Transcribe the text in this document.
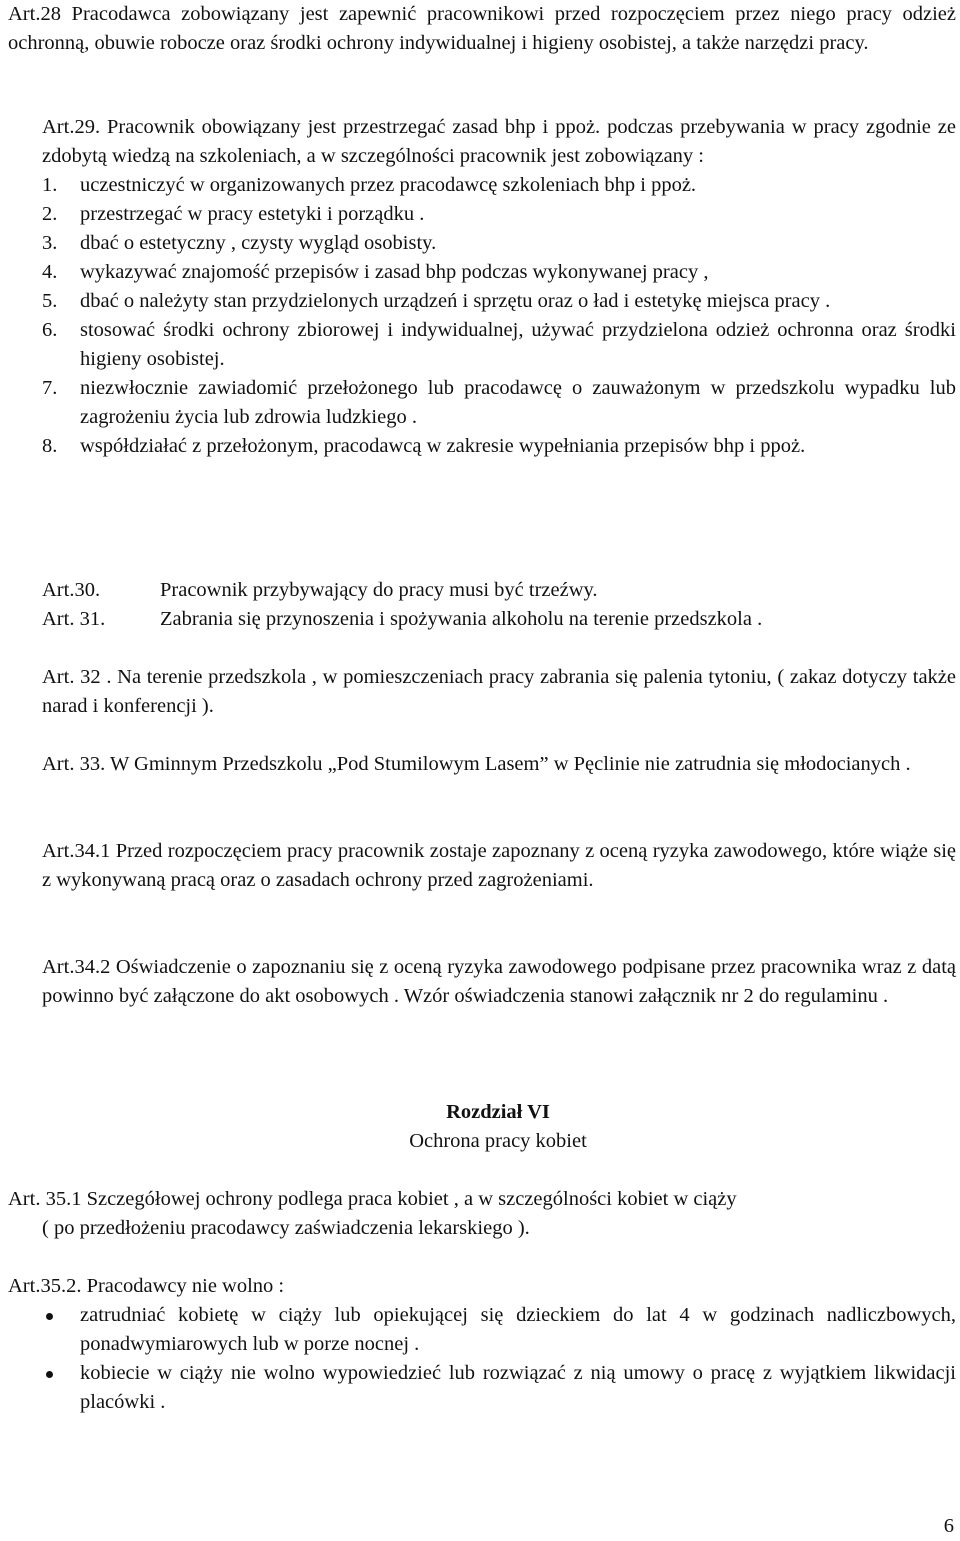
Art.28 Pracodawca zobowiązany jest zapewnić pracownikowi przed rozpoczęciem przez niego pracy odzież ochronną, obuwie robocze oraz środki ochrony indywidualnej i higieny osobistej, a także narzędzi pracy.

Art.29. Pracownik obowiązany jest przestrzegać zasad bhp i ppoż. podczas przebywania w pracy zgodnie ze zdobytą wiedzą na szkoleniach, a w szczególności pracownik jest zobowiązany :

1. uczestniczyć w organizowanych przez pracodawcę szkoleniach bhp i ppoż.
2. przestrzegać w pracy estetyki i porządku .
3. dbać o estetyczny , czysty wygląd osobisty.
4. wykazywać znajomość przepisów i zasad bhp podczas wykonywanej pracy ,
5. dbać o należyty stan przydzielonych urządzeń i sprzętu oraz o ład i estetykę miejsca pracy .
6. stosować środki ochrony zbiorowej i indywidualnej, używać przydzielona odzież ochronna oraz środki higieny osobistej.
7. niezwłocznie zawiadomić przełożonego lub pracodawcę o zauważonym w przedszkolu wypadku lub zagrożeniu życia lub zdrowia ludzkiego .
8. współdziałać z przełożonym, pracodawcą w zakresie wypełniania przepisów bhp i ppoż.
Art.30.	Pracownik przybywający do pracy musi być trzeźwy.
Art. 31.	Zabrania się przynoszenia i spożywania alkoholu na terenie przedszkola .

Art. 32 . Na terenie przedszkola , w pomieszczeniach pracy zabrania się palenia tytoniu, ( zakaz dotyczy także narad i konferencji ).

Art. 33. W Gminnym Przedszkolu „Pod Stumilowym Lasem” w Pęclinie nie zatrudnia się młodocianych .

Art.34.1 Przed rozpoczęciem pracy pracownik zostaje zapoznany z oceną ryzyka zawodowego, które wiąże się z wykonywaną pracą oraz o zasadach ochrony przed zagrożeniami.

Art.34.2 Oświadczenie o zapoznaniu się z oceną ryzyka zawodowego podpisane przez pracownika wraz z datą powinno być załączone do akt osobowych . Wzór oświadczenia stanowi załącznik nr 2 do regulaminu .

Rozdział VI
Ochrona pracy kobiet
Art. 35.1 Szczegółowej ochrony podlega praca kobiet , a w szczególności kobiet w ciąży
( po przedłożeniu pracodawcy zaświadczenia lekarskiego ).
Art.35.2. Pracodawcy nie wolno :
zatrudniać kobietę w ciąży lub opiekującej się dzieckiem do lat 4 w godzinach nadliczbowych, ponadwymiarowych lub w porze nocnej .
kobiecie w ciąży nie wolno wypowiedzieć lub rozwiązać z nią umowy o pracę z wyjątkiem likwidacji placówki .
6
